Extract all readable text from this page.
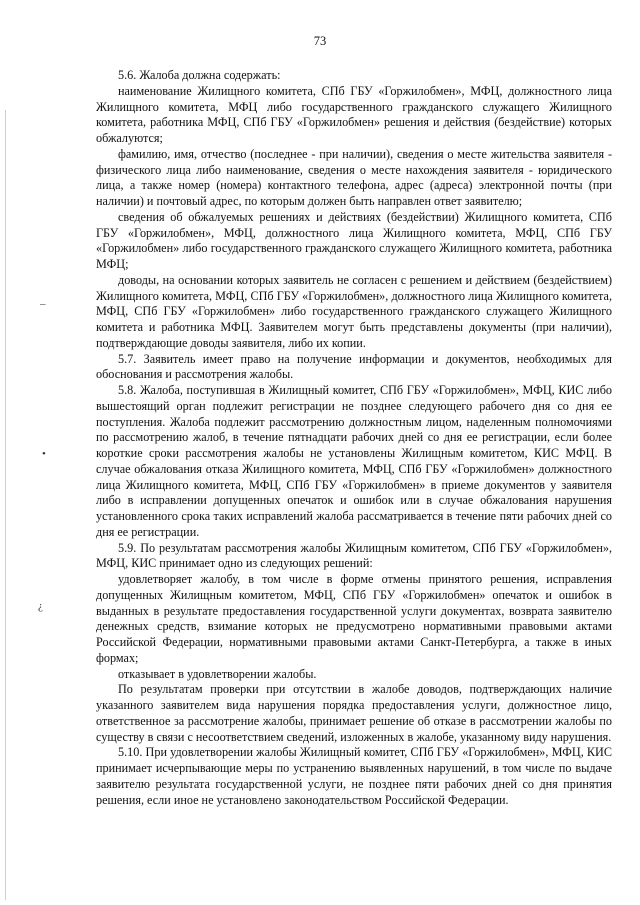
–
•
¿
73

5.6. Жалоба должна содержать:

наименование Жилищного комитета, СПб ГБУ «Горжилобмен», МФЦ, должностного лица Жилищного комитета, МФЦ либо государственного гражданского служащего Жилищного комитета, работника МФЦ, СПб ГБУ «Горжилобмен» решения и действия (бездействие) которых обжалуются;

фамилию, имя, отчество (последнее - при наличии), сведения о месте жительства заявителя - физического лица либо наименование, сведения о месте нахождения заявителя - юридического лица, а также номер (номера) контактного телефона, адрес (адреса) электронной почты (при наличии) и почтовый адрес, по которым должен быть направлен ответ заявителю;

сведения об обжалуемых решениях и действиях (бездействии) Жилищного комитета, СПб ГБУ «Горжилобмен», МФЦ, должностного лица Жилищного комитета, МФЦ, СПб ГБУ «Горжилобмен» либо государственного гражданского служащего Жилищного комитета, работника МФЦ;

доводы, на основании которых заявитель не согласен с решением и действием (бездействием) Жилищного комитета, МФЦ, СПб ГБУ «Горжилобмен», должностного лица Жилищного комитета, МФЦ, СПб ГБУ «Горжилобмен» либо государственного гражданского служащего Жилищного комитета и работника МФЦ. Заявителем могут быть представлены документы (при наличии), подтверждающие доводы заявителя, либо их копии.

5.7. Заявитель имеет право на получение информации и документов, необходимых для обоснования и рассмотрения жалобы.

5.8. Жалоба, поступившая в Жилищный комитет, СПб ГБУ «Горжилобмен», МФЦ, КИС либо вышестоящий орган подлежит регистрации не позднее следующего рабочего дня со дня ее поступления. Жалоба подлежит рассмотрению должностным лицом, наделенным полномочиями по рассмотрению жалоб, в течение пятнадцати рабочих дней со дня ее регистрации, если более короткие сроки рассмотрения жалобы не установлены Жилищным комитетом, КИС МФЦ. В случае обжалования отказа Жилищного комитета, МФЦ, СПб ГБУ «Горжилобмен» должностного лица Жилищного комитета, МФЦ, СПб ГБУ «Горжилобмен» в приеме документов у заявителя либо в исправлении допущенных опечаток и ошибок или в случае обжалования нарушения установленного срока таких исправлений жалоба рассматривается в течение пяти рабочих дней со дня ее регистрации.

5.9. По результатам рассмотрения жалобы Жилищным комитетом, СПб ГБУ «Горжилобмен», МФЦ, КИС принимает одно из следующих решений:

удовлетворяет жалобу, в том числе в форме отмены принятого решения, исправления допущенных Жилищным комитетом, МФЦ, СПб ГБУ «Горжилобмен» опечаток и ошибок в выданных в результате предоставления государственной услуги документах, возврата заявителю денежных средств, взимание которых не предусмотрено нормативными правовыми актами Российской Федерации, нормативными правовыми актами Санкт-Петербурга, а также в иных формах;

отказывает в удовлетворении жалобы.

По результатам проверки при отсутствии в жалобе доводов, подтверждающих наличие указанного заявителем вида нарушения порядка предоставления услуги, должностное лицо, ответственное за рассмотрение жалобы, принимает решение об отказе в рассмотрении жалобы по существу в связи с несоответствием сведений, изложенных в жалобе, указанному виду нарушения.

5.10. При удовлетворении жалобы Жилищный комитет, СПб ГБУ «Горжилобмен», МФЦ, КИС принимает исчерпывающие меры по устранению выявленных нарушений, в том числе по выдаче заявителю результата государственной услуги, не позднее пяти рабочих дней со дня принятия решения, если иное не установлено законодательством Российской Федерации.
